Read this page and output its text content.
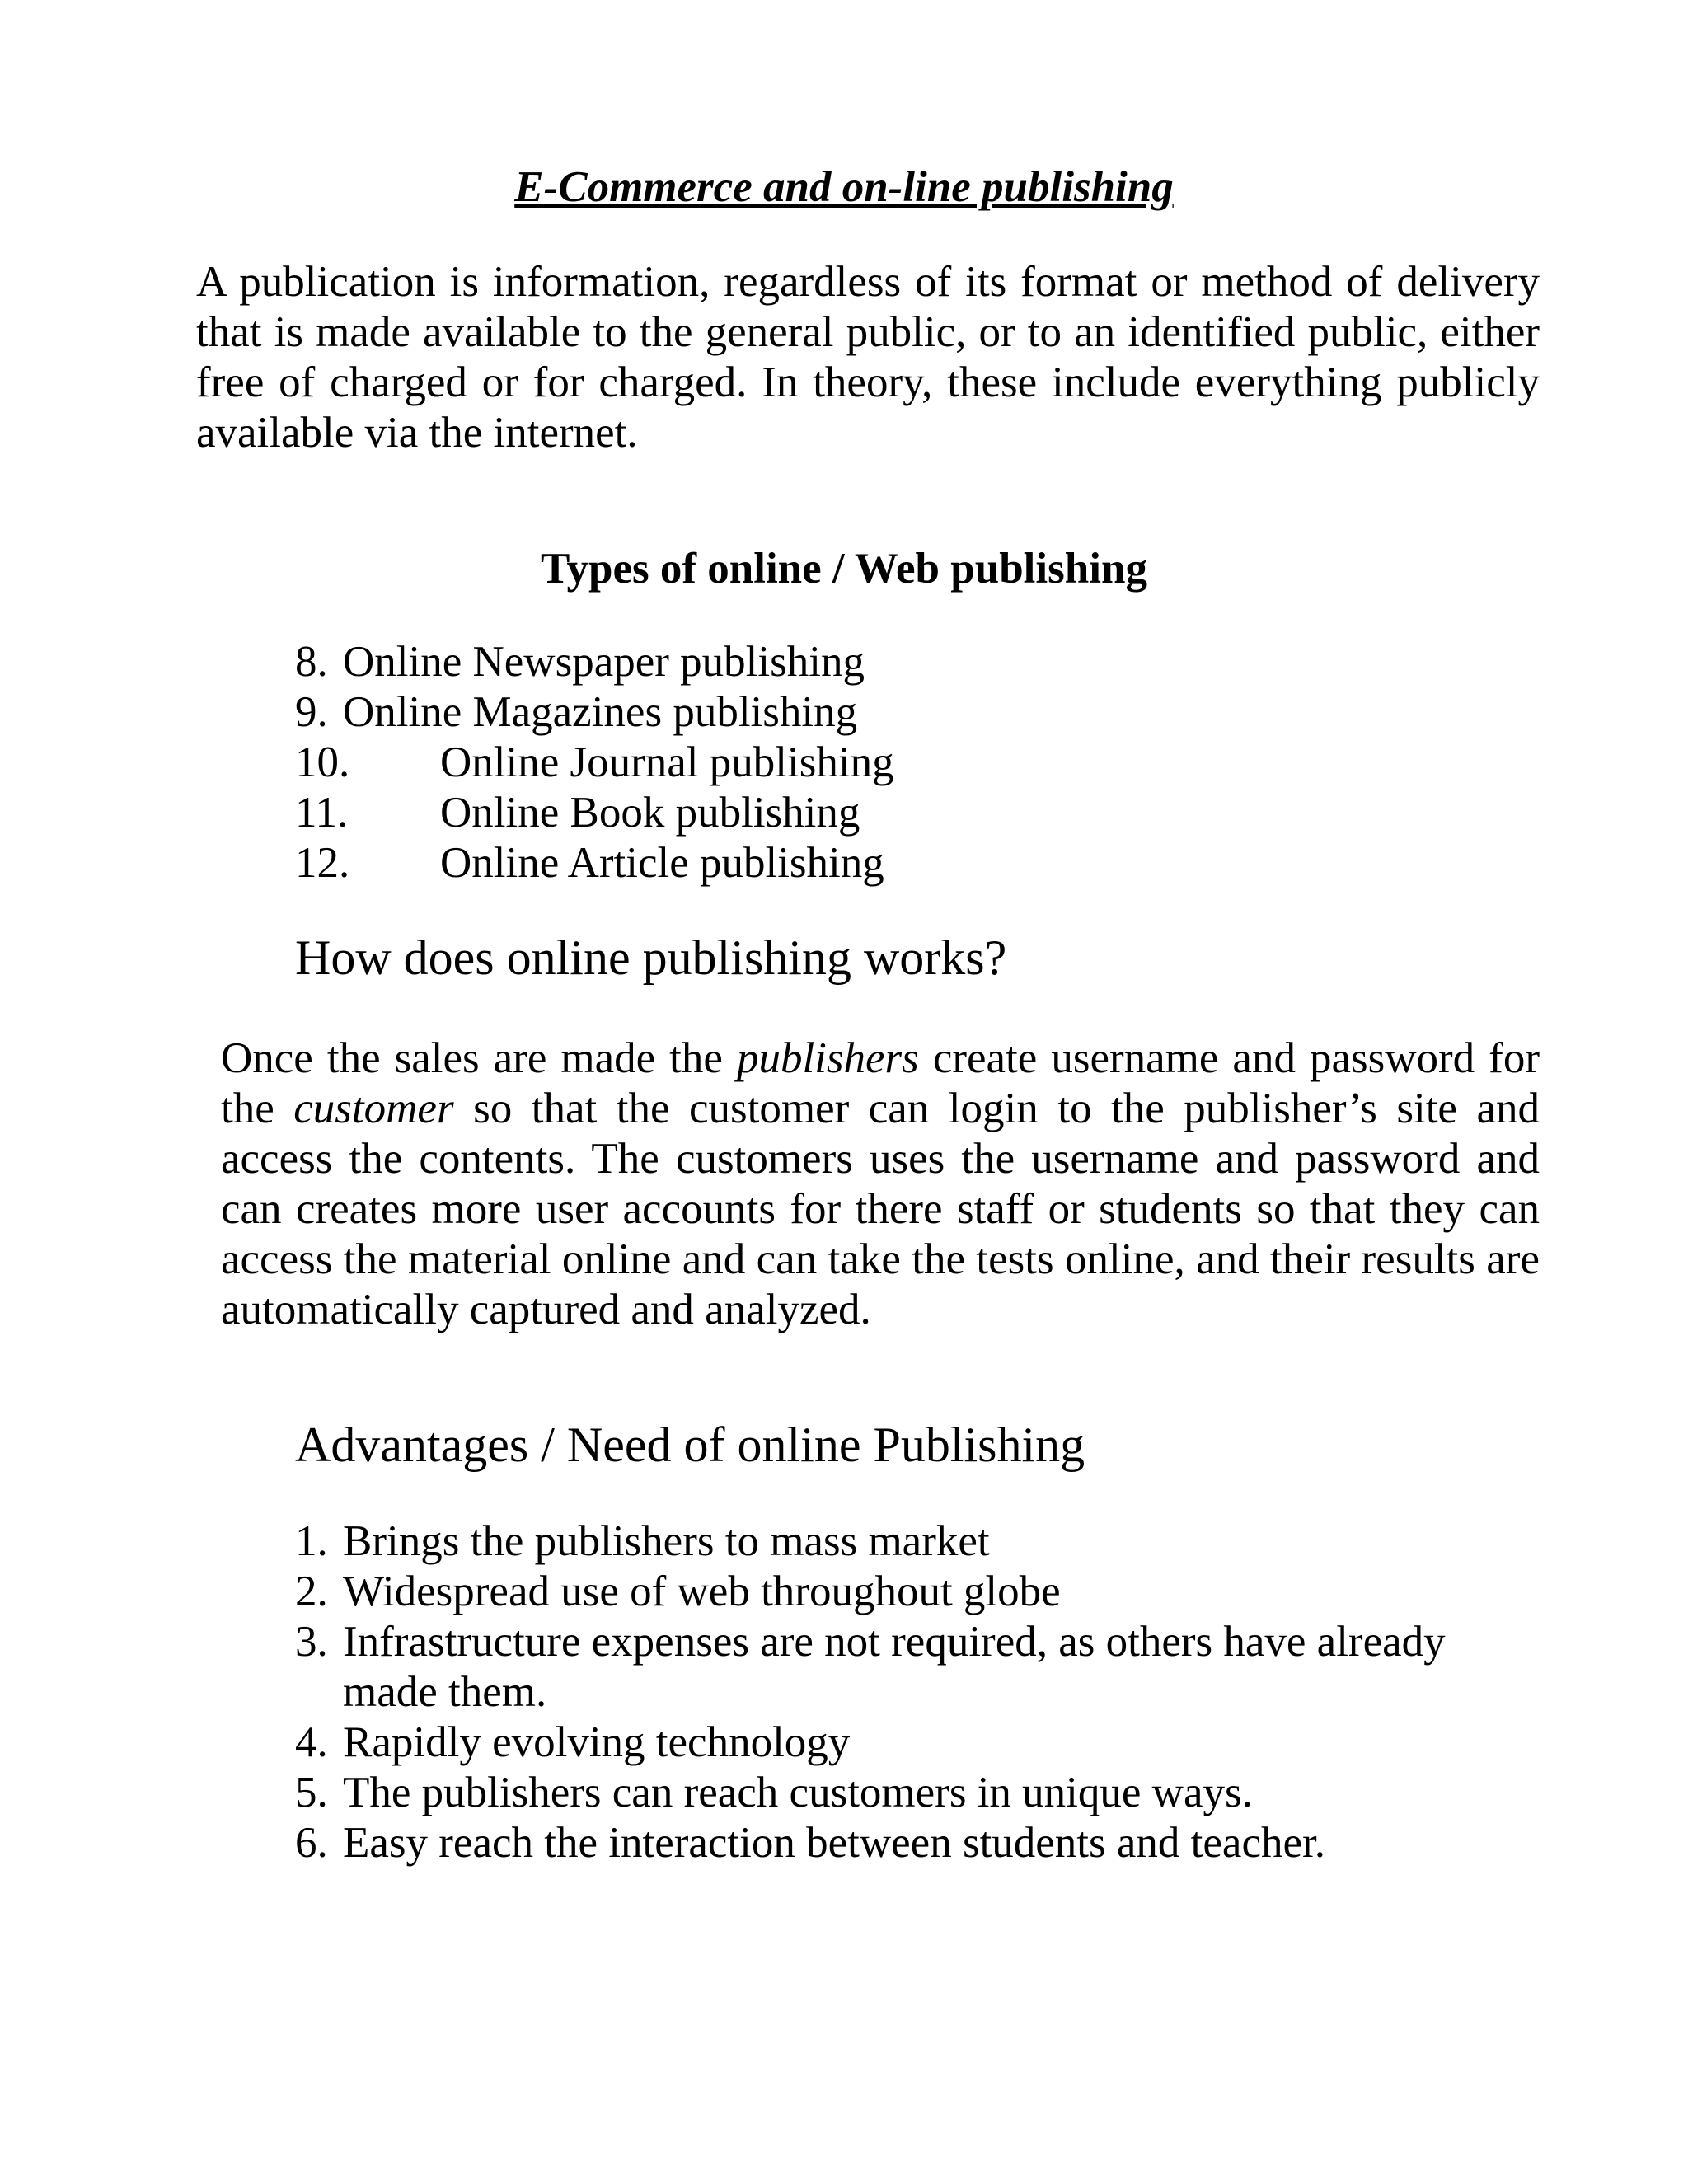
E-Commerce and on-line publishing
A publication is information, regardless of its format or method of delivery that is made available to the general public, or to an identified public, either free of charged or for charged. In theory, these include everything publicly available via the internet.
Types of online / Web publishing
8. Online Newspaper publishing
9. Online Magazines publishing
10. Online Journal publishing
11. Online Book publishing
12. Online Article publishing
How does online publishing works?
Once the sales are made the publishers create username and password for the customer so that the customer can login to the publisher’s site and access the contents. The customers uses the username and password and can creates more user accounts for there staff or students so that they can access the material online and can take the tests online, and their results are automatically captured and analyzed.
Advantages / Need of online Publishing
1. Brings the publishers to mass market
2. Widespread use of web throughout globe
3. Infrastructure expenses are not required, as others have already made them.
4. Rapidly evolving technology
5. The publishers can reach customers in unique ways.
6. Easy reach the interaction between students and teacher.
